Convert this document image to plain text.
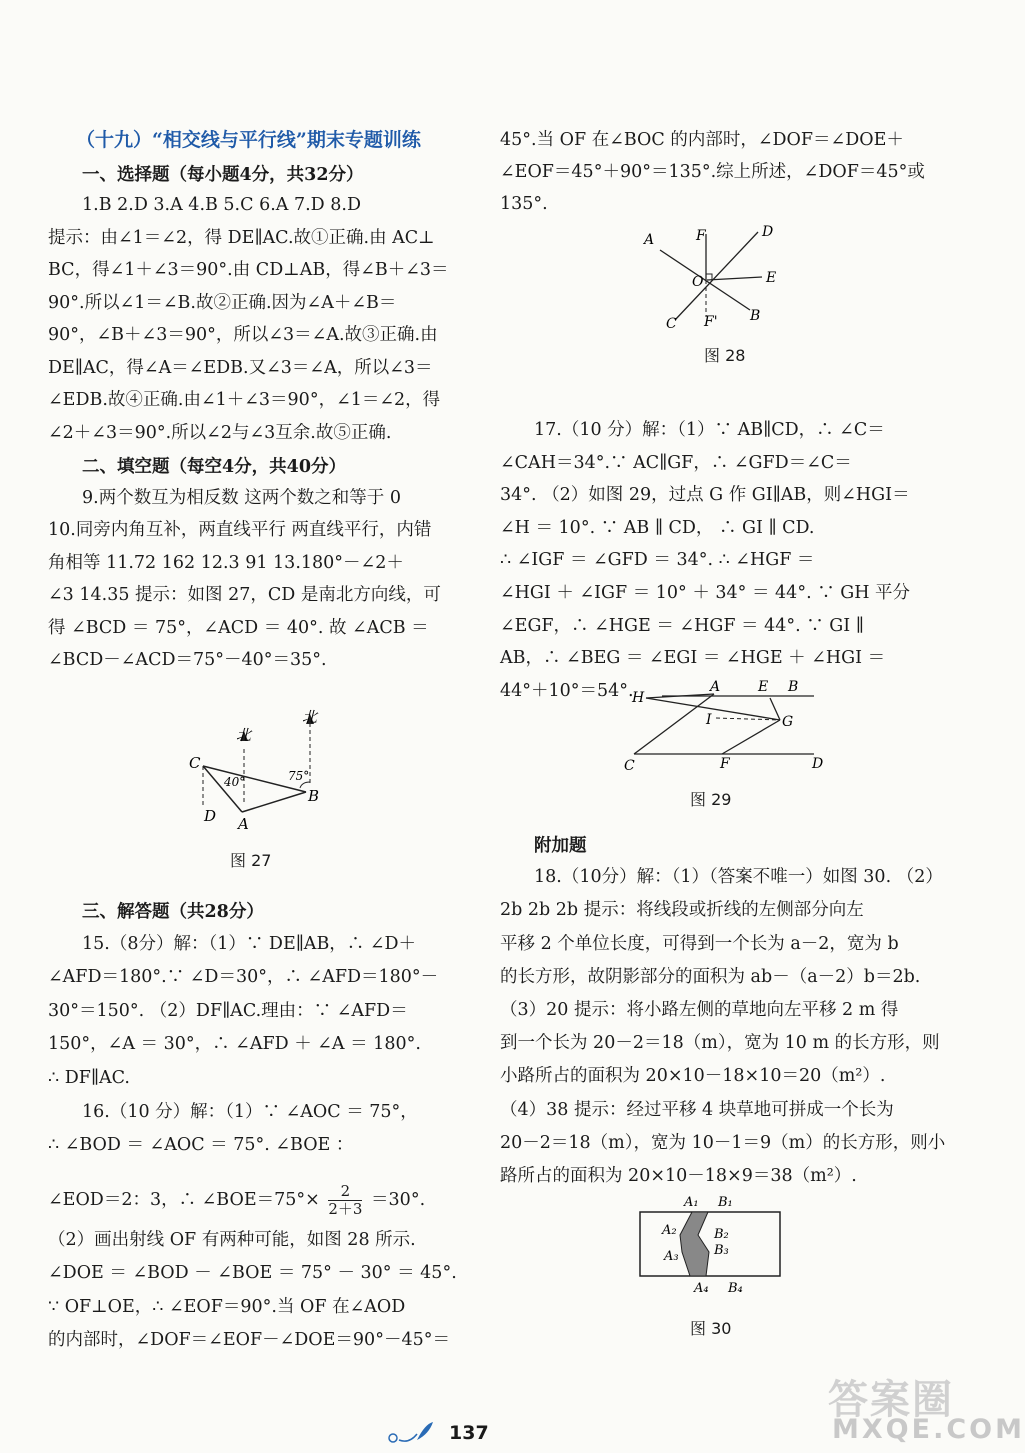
（十九）“相交线与平行线”期末专题训练
一、选择题（每小题4分，共32分）
1.B 2.D 3.A 4.B 5.C 6.A 7.D 8.D
提示：由∠1＝∠2，得 DE∥AC.故①正确.由 AC⊥
BC，得∠1＋∠3＝90°.由 CD⊥AB，得∠B＋∠3＝
90°.所以∠1＝∠B.故②正确.因为∠A＋∠B＝
90°，∠B＋∠3＝90°，所以∠3＝∠A.故③正确.由
DE∥AC，得∠A＝∠EDB.又∠3＝∠A，所以∠3＝
∠EDB.故④正确.由∠1＋∠3＝90°，∠1＝∠2，得
∠2＋∠3＝90°.所以∠2与∠3互余.故⑤正确.
二、填空题（每空4分，共40分）
9.两个数互为相反数 这两个数之和等于 0
10.同旁内角互补，两直线平行 两直线平行，内错
角相等 11.72 162 12.3 91 13.180°－∠2＋
∠3 14.35 提示：如图 27，CD 是南北方向线，可
得 ∠BCD ＝ 75°，∠ACD ＝ 40°. 故 ∠ACB ＝
∠BCD－∠ACD＝75°－40°＝35°.
北
北
C
D A
B
40°	75°
图 27
三、解答题（共28分）
15.（8分）解：（1）∵ DE∥AB，∴ ∠D＋
∠AFD＝180°.∵ ∠D＝30°，∴ ∠AFD＝180°－
30°＝150°. （2）DF∥AC.理由：∵ ∠AFD＝
150°，∠A ＝ 30°，∴ ∠AFD ＋ ∠A ＝ 180°.
∴ DF∥AC.
16.（10 分）解：（1）∵ ∠AOC ＝ 75°，
∴ ∠BOD ＝ ∠AOC ＝ 75°. ∠BOE ：
∠EOD＝2：3，∴ ∠BOE＝75°× $\frac{2}{2+3} =30^\circ$.
（2）画出射线 OF 有两种可能，如图 28 所示.
∠DOE ＝ ∠BOD － ∠BOE ＝ 75° － 30° ＝ 45°.
∵ OF⊥OE，∴ ∠EOF＝90°.当 OF 在∠AOD
的内部时，∠DOF＝∠EOF－∠DOE＝90°－45°＝
45°.当 OF 在∠BOC 的内部时，∠DOF＝∠DOE＋
∠EOF＝45°＋90°＝135°.综上所述，∠DOF＝45°或
135°.
A	F	D
O	E
C F' B
图 28
17.（10 分）解：（1）∵ AB∥CD，∴ ∠C＝
∠CAH＝34°.∵ AC∥GF，∴ ∠GFD＝∠C＝
34°. （2）如图 29，过点 G 作 GI∥AB，则∠HGI＝
∠H ＝ 10°. ∵ AB ∥ CD， ∴ GI ∥ CD.
∴ ∠IGF ＝ ∠GFD ＝ 34°. ∴ ∠HGF ＝
∠HGI ＋ ∠IGF ＝ 10° ＋ 34° ＝ 44°. ∵ GH 平分
∠EGF，∴ ∠HGE ＝ ∠HGF ＝ 44°. ∵ GI ∥
AB，∴ ∠BEG ＝ ∠EGI ＝ ∠HGE ＋ ∠HGI ＝
44°＋10°＝54°.
H
A	E B
I	G
C	F	D
图 29
附加题
18.（10分）解：（1）（答案不唯一）如图 30. （2）
2b 2b 2b 提示：将线段或折线的左侧部分向左
平移 2 个单位长度，可得到一个长为 a－2，宽为 b
的长方形，故阴影部分的面积为 ab－（a－2）b＝2b.
（3）20 提示：将小路左侧的草地向左平移 2 m 得
到一个长为 20－2＝18（m），宽为 10 m 的长方形，则
小路所占的面积为 20×10－18×10＝20（m²）.
（4）38 提示：经过平移 4 块草地可拼成一个长为
20－2＝18（m），宽为 10－1＝9（m）的长方形，则小
路所占的面积为 20×10－18×9＝38（m²）.
A₁ B₁
A₂	B₂
B₃
A₃
A₄ B₄
图 30
137
答案圈
MXQE.COM
